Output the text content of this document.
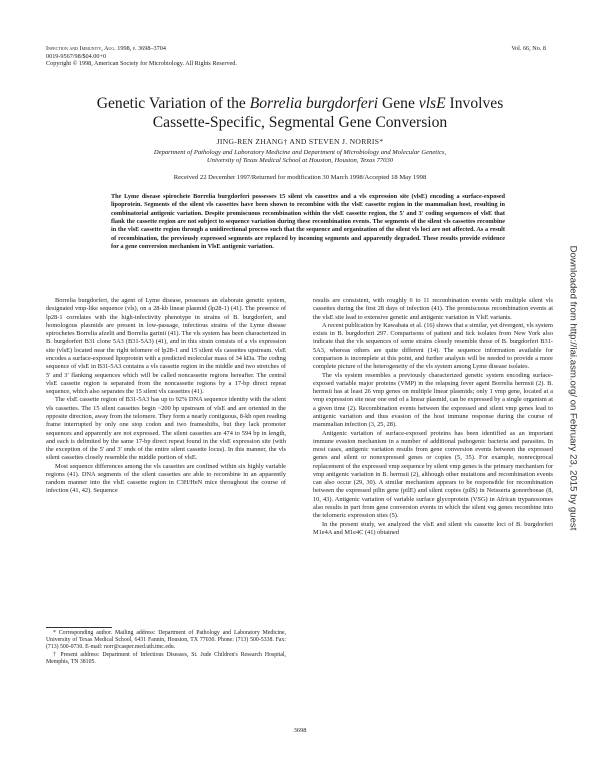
Infection and Immunity, Aug. 1998, p. 3698–3704
0019-9567/98/$04.00+0
Copyright © 1998, American Society for Microbiology. All Rights Reserved.
Vol. 66, No. 8
Genetic Variation of the Borrelia burgdorferi Gene vlsE Involves
Cassette-Specific, Segmental Gene Conversion
JING-REN ZHANG† AND STEVEN J. NORRIS*
Department of Pathology and Laboratory Medicine and Department of Microbiology and Molecular Genetics,
University of Texas Medical School at Houston, Houston, Texas 77030
Received 22 December 1997/Returned for modification 30 March 1998/Accepted 18 May 1998
The Lyme disease spirochete Borrelia burgdorferi possesses 15 silent vls cassettes and a vls expression site (vlsE) encoding a surface-exposed lipoprotein. Segments of the silent vls cassettes have been shown to recombine with the vlsE cassette region in the mammalian host, resulting in combinatorial antigenic variation. Despite promiscuous recombination within the vlsE cassette region, the 5′ and 3′ coding sequences of vlsE that flank the cassette region are not subject to sequence variation during these recombination events. The segments of the silent vls cassettes recombine in the vlsE cassette region through a unidirectional process such that the sequence and organization of the silent vls loci are not affected. As a result of recombination, the previously expressed segments are replaced by incoming segments and apparently degraded. These results provide evidence for a gene conversion mechanism in VlsE antigenic variation.

Borrelia burgdorferi, the agent of Lyme disease, possesses an elaborate genetic system, designated vmp-like sequence (vls), on a 28-kb linear plasmid (lp28-1) (41). The presence of lp28-1 correlates with the high-infectivity phenotype in strains of B. burgdorferi, and homologous plasmids are present in low-passage, infectious strains of the Lyme disease spirochetes Borrelia afzelii and Borrelia garinii (41). The vls system has been characterized in B. burgdorferi B31 clone 5A3 (B31-5A3) (41), and in this strain consists of a vls expression site (vlsE) located near the right telomere of lp28-1 and 15 silent vls cassettes upstream. vlsE encodes a surface-exposed lipoprotein with a predicted molecular mass of 34 kDa. The coding sequence of vlsE in B31-5A3 contains a vls cassette region in the middle and two stretches of 5′ and 3′ flanking sequences which will be called noncassette regions hereafter. The central vlsE cassette region is separated from the noncassette regions by a 17-bp direct repeat sequence, which also separates the 15 silent vls cassettes (41).

The vlsE cassette region of B31-5A3 has up to 92% DNA sequence identity with the silent vls cassettes. The 15 silent cassettes begin ~200 bp upstream of vlsE and are oriented in the opposite direction, away from the telomere. They form a nearly contiguous, 8-kb open reading frame interrupted by only one stop codon and two frameshifts, but they lack promoter sequences and apparently are not expressed. The silent cassettes are 474 to 594 bp in length, and each is delimited by the same 17-bp direct repeat found in the vlsE expression site (with the exception of the 5′ and 3′ ends of the entire silent cassette locus). In this manner, the vls silent cassettes closely resemble the middle portion of vlsE.

Most sequence differences among the vls cassettes are confined within six highly variable regions (41). DNA segments of the silent cassettes are able to recombine in an apparently random manner into the vlsE cassette region in C3H/HeN mice throughout the course of infection (41, 42). Sequence

* Corresponding author. Mailing address: Department of Pathology and Laboratory Medicine, University of Texas Medical School, 6431 Fannin, Houston, TX 77030. Phone: (713) 500-5338. Fax: (713) 500-0730. E-mail: norr@casper.med.uth.tmc.edu.

† Present address: Department of Infectious Diseases, St. Jude Children's Research Hospital, Memphis, TN 38105.

results are consistent, with roughly 6 to 11 recombination events with multiple silent vls cassettes during the first 28 days of infection (41). The promiscuous recombination events at the vlsE site lead to extensive genetic and antigenic variation in VlsE variants.

A recent publication by Kawabata et al. (16) shows that a similar, yet divergent, vls system exists in B. burgdorferi 297. Comparisons of patient and tick isolates from New York also indicate that the vls sequences of some strains closely resemble those of B. burgdorferi B31-5A3, whereas others are quite different (14). The sequence information available for comparison is incomplete at this point, and further analysis will be needed to provide a more complete picture of the heterogeneity of the vls system among Lyme disease isolates.

The vls system resembles a previously characterized genetic system encoding surface-exposed variable major proteins (VMP) in the relapsing fever agent Borrelia hermsii (2). B. hermsii has at least 26 vmp genes on multiple linear plasmids; only 1 vmp gene, located at a vmp expression site near one end of a linear plasmid, can be expressed by a single organism at a given time (2). Recombination events between the expressed and silent vmp genes lead to antigenic variation and thus evasion of the host immune response during the course of mammalian infection (3, 25, 28).

Antigenic variation of surface-exposed proteins has been identified as an important immune evasion mechanism in a number of additional pathogenic bacteria and parasites. In most cases, antigenic variation results from gene conversion events between the expressed genes and silent or nonexpressed genes or copies (5, 35). For example, nonreciprocal replacement of the expressed vmp sequence by silent vmp genes is the primary mechanism for vmp antigenic variation in B. hermsii (2), although other mutations and recombination events can also occur (29, 30). A similar mechanism appears to be responsible for recombination between the expressed pilin gene (pilE) and silent copies (pilS) in Neisseria gonorrhoeae (8, 10, 43). Antigenic variation of variable surface glycoprotein (VSG) in African trypanosomes also results in part from gene conversion events in which the silent vsg genes recombine into the telomeric expression sites (5).

In the present study, we analyzed the vlsE and silent vls cassette loci of B. burgdorferi M1e4A and M1e4C (41) obtained

3698
Downloaded from http://iai.asm.org/ on February 23, 2015 by guest
